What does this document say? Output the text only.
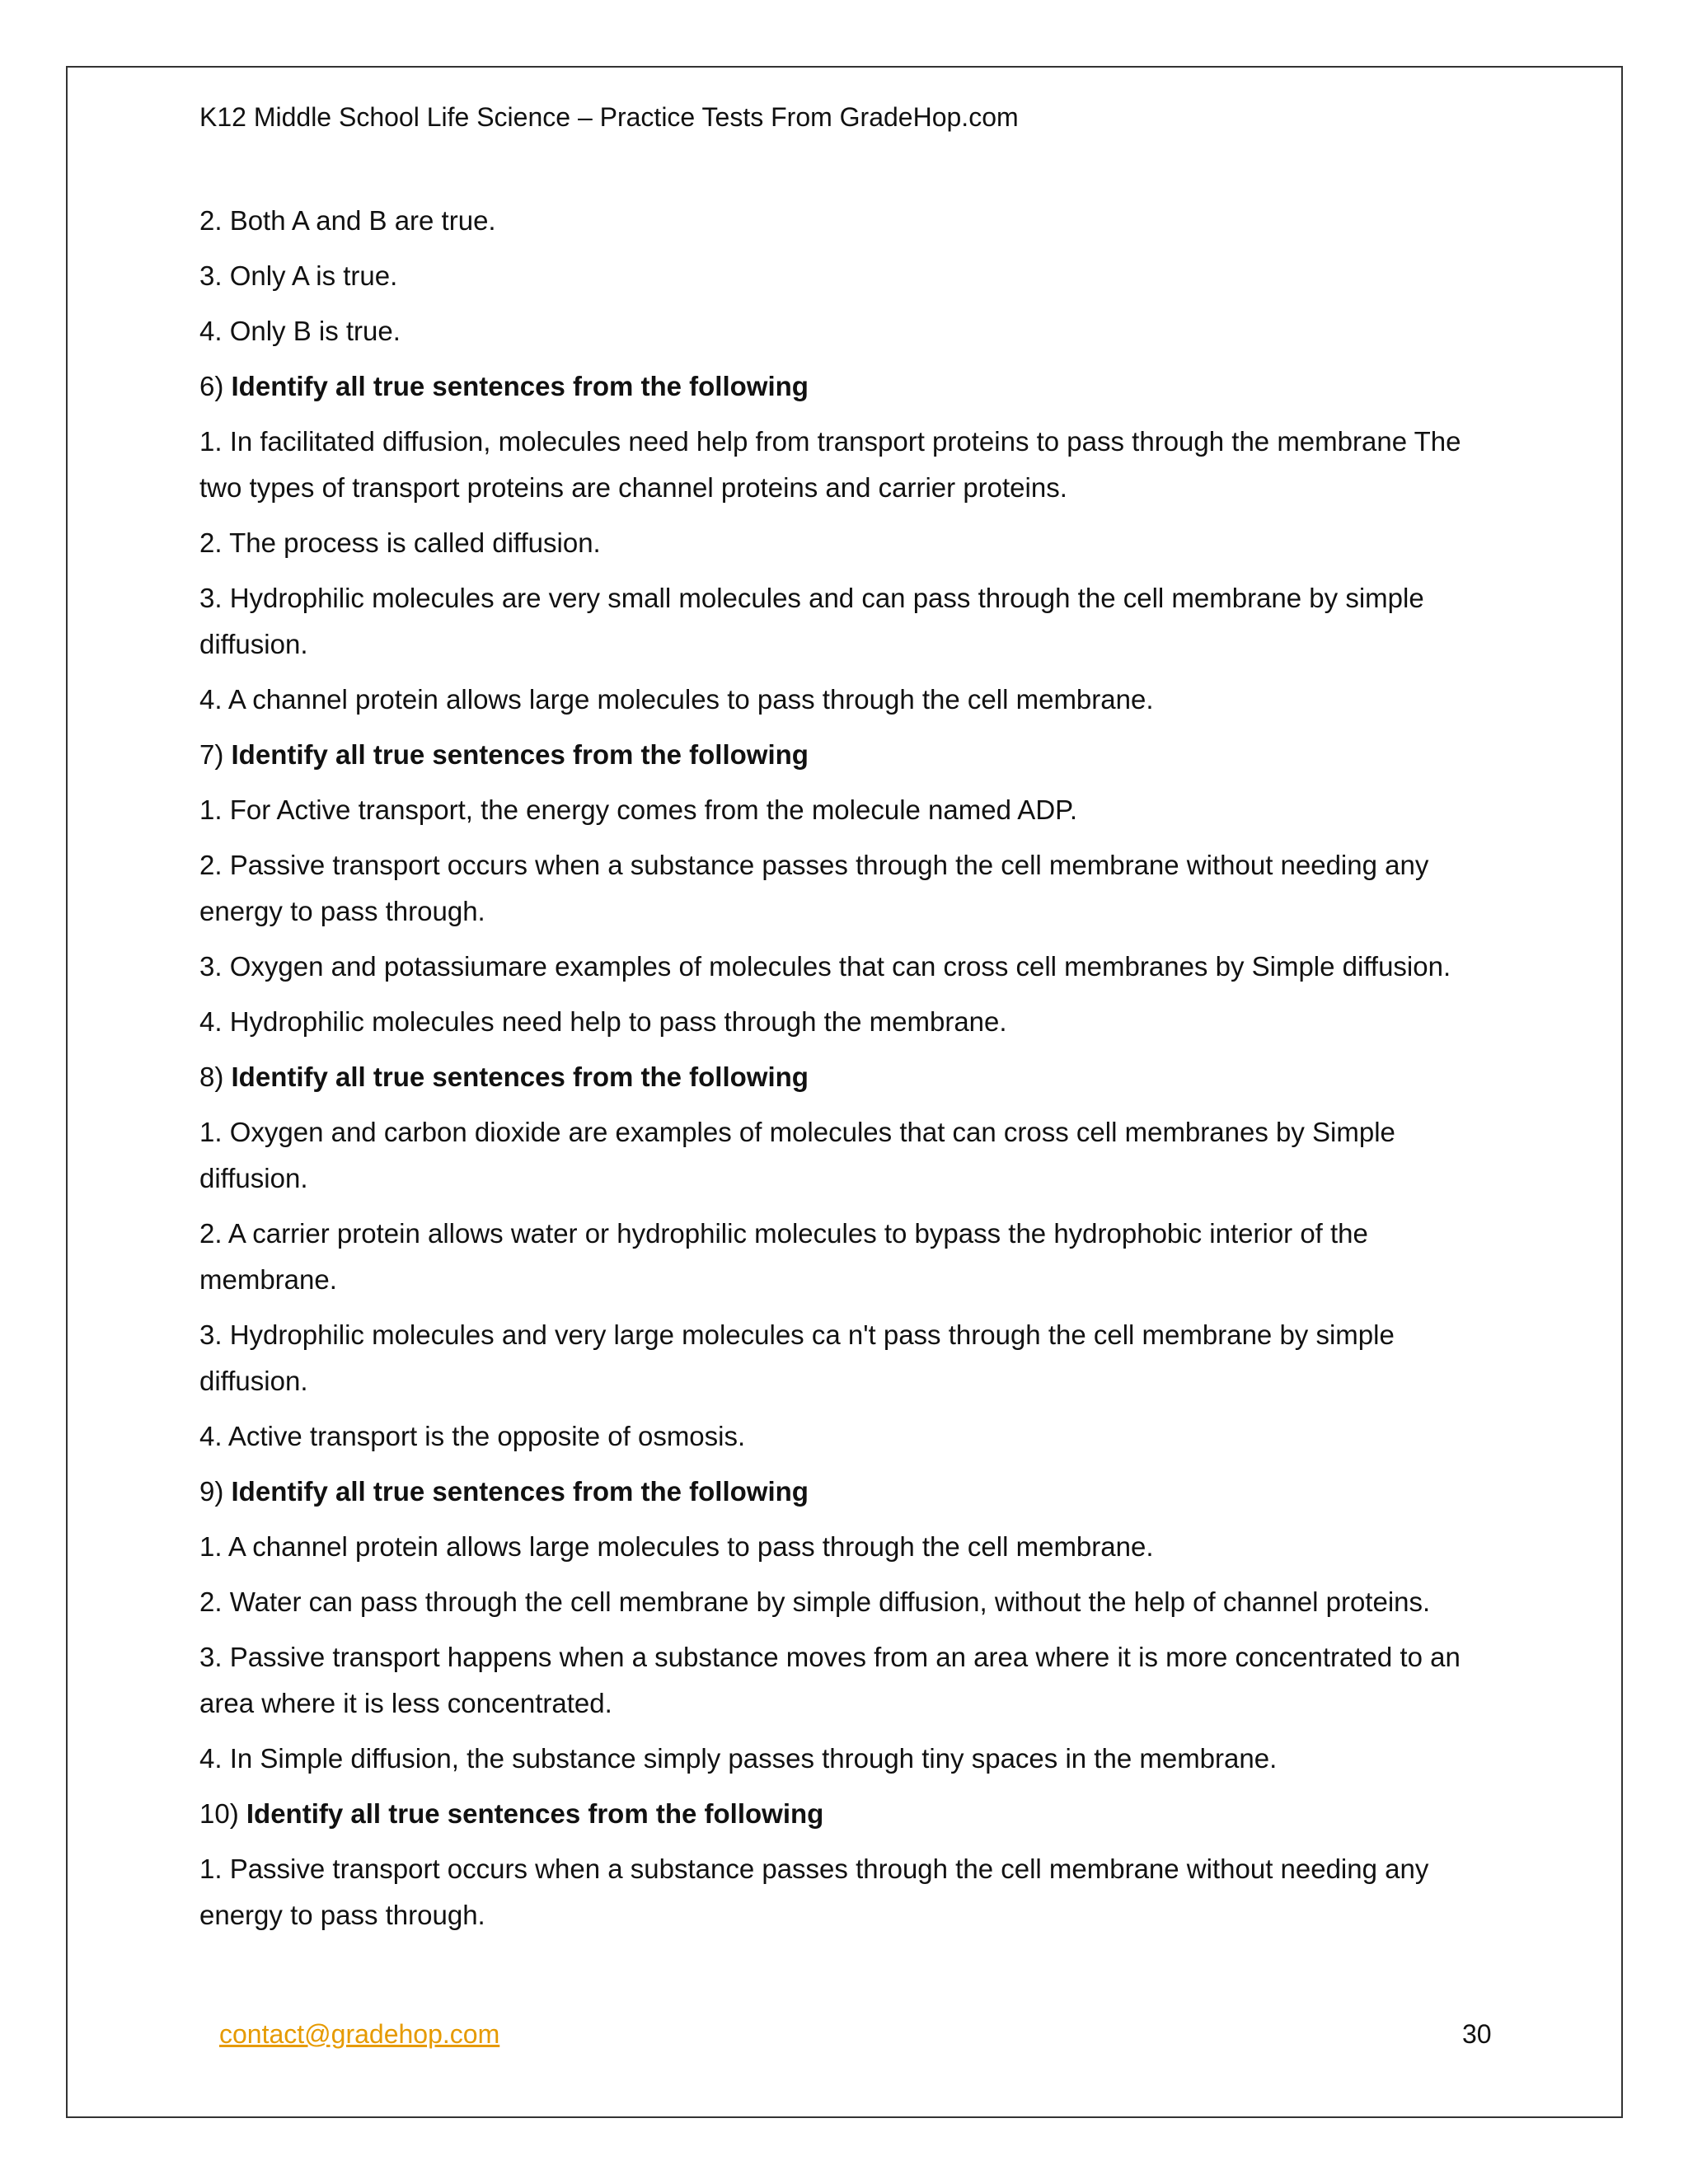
K12 Middle School Life Science – Practice Tests From GradeHop.com

2. Both A and B are true.

3. Only A is true.

4. Only B is true.

6) Identify all true sentences from the following

1. In facilitated diffusion, molecules need help from transport proteins to pass through the membrane The two types of transport proteins are channel proteins and carrier proteins.

2. The process is called diffusion.

3. Hydrophilic molecules are very small molecules and can pass through the cell membrane by simple diffusion.

4. A channel protein allows large molecules to pass through the cell membrane.

7) Identify all true sentences from the following

1. For Active transport, the energy comes from the molecule named ADP.

2. Passive transport occurs when a substance passes through the cell membrane without needing any energy to pass through.

3. Oxygen and potassiumare examples of molecules that can cross cell membranes by Simple diffusion.

4. Hydrophilic molecules need help to pass through the membrane.

8) Identify all true sentences from the following

1. Oxygen and carbon dioxide are examples of molecules that can cross cell membranes by Simple diffusion.

2. A carrier protein allows water or hydrophilic molecules to bypass the hydrophobic interior of the membrane.

3. Hydrophilic molecules and very large molecules ca n't pass through the cell membrane by simple diffusion.

4. Active transport is the opposite of osmosis.

9) Identify all true sentences from the following

1. A channel protein allows large molecules to pass through the cell membrane.

2. Water can pass through the cell membrane by simple diffusion, without the help of channel proteins.

3. Passive transport happens when a substance moves from an area where it is more concentrated to an area where it is less concentrated.

4. In Simple diffusion, the substance simply passes through tiny spaces in the membrane.

10) Identify all true sentences from the following

1. Passive transport occurs when a substance passes through the cell membrane without needing any energy to pass through.

contact@gradehop.com	30
